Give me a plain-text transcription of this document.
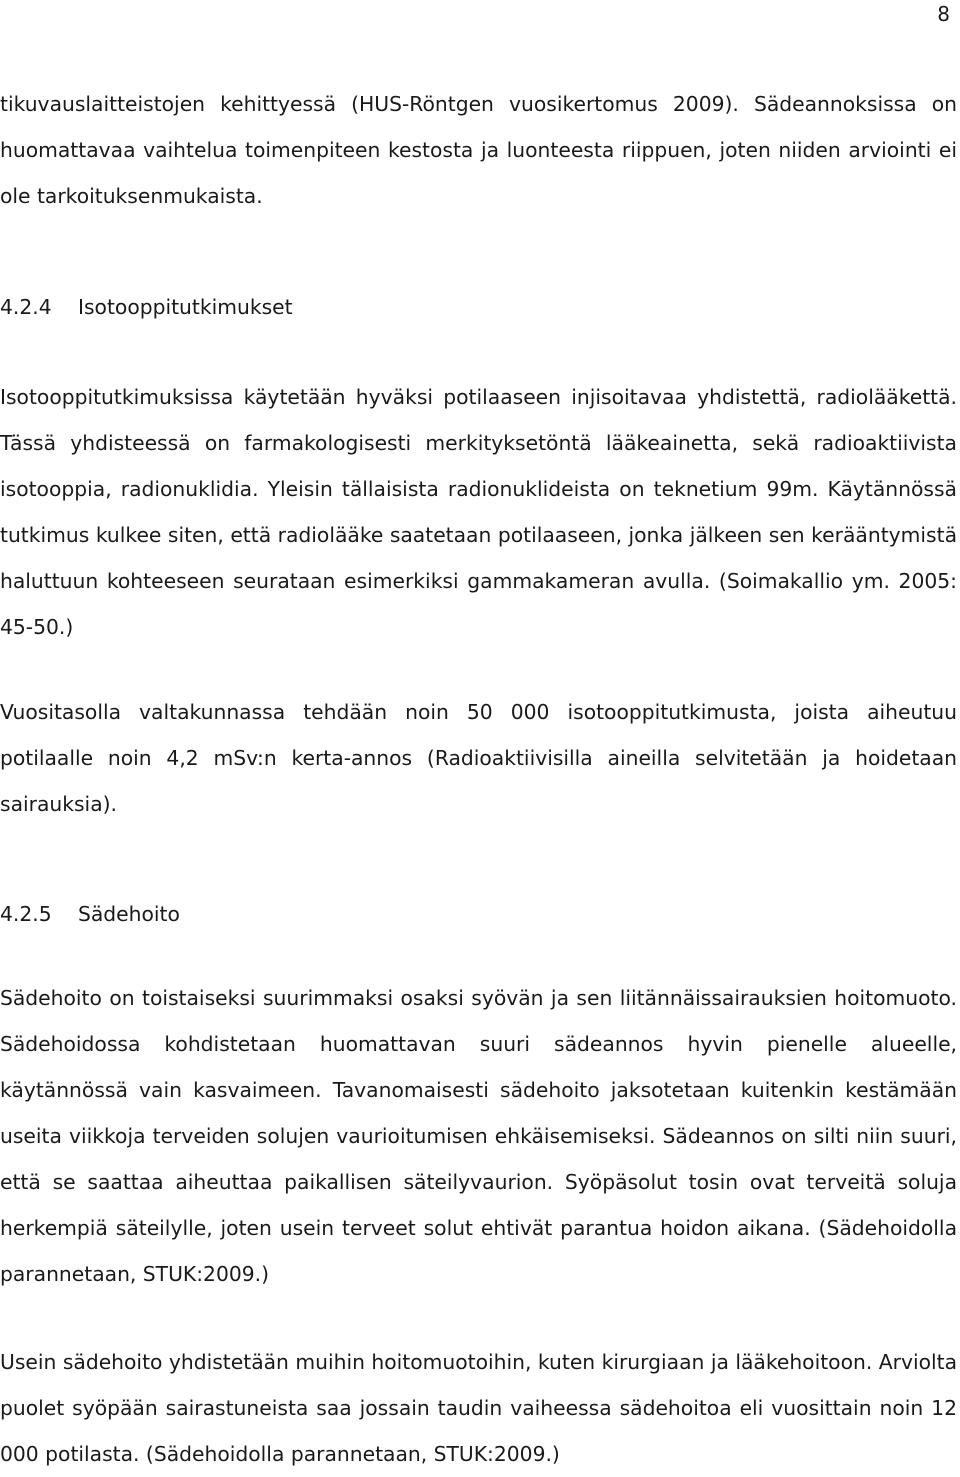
8

tikuvauslaitteistojen kehittyessä (HUS-Röntgen vuosikertomus 2009). Sädeannoksissa on huomattavaa vaihtelua toimenpiteen kestosta ja luonteesta riippuen, joten niiden arviointi ei ole tarkoituksenmukaista.

4.2.4 Isotooppitutkimukset

Isotooppitutkimuksissa käytetään hyväksi potilaaseen injisoitavaa yhdistettä, radiolääkettä. Tässä yhdisteessä on farmakologisesti merkityksetöntä lääkeainetta, sekä radioaktiivista isotooppia, radionuklidia. Yleisin tällaisista radionuklideista on teknetium 99m. Käytännössä tutkimus kulkee siten, että radiolääke saatetaan potilaaseen, jonka jälkeen sen kerääntymistä haluttuun kohteeseen seurataan esimerkiksi gammakameran avulla. (Soimakallio ym. 2005: 45-50.)

Vuositasolla valtakunnassa tehdään noin 50 000 isotooppitutkimusta, joista aiheutuu potilaalle noin 4,2 mSv:n kerta-annos (Radioaktiivisilla aineilla selvitetään ja hoidetaan sairauksia).

4.2.5 Sädehoito

Sädehoito on toistaiseksi suurimmaksi osaksi syövän ja sen liitännäissairauksien hoitomuoto. Sädehoidossa kohdistetaan huomattavan suuri sädeannos hyvin pienelle alueelle, käytännössä vain kasvaimeen. Tavanomaisesti sädehoito jaksotetaan kuitenkin kestämään useita viikkoja terveiden solujen vaurioitumisen ehkäisemiseksi. Sädeannos on silti niin suuri, että se saattaa aiheuttaa paikallisen säteilyvaurion. Syöpäsolut tosin ovat terveitä soluja herkempiä säteilylle, joten usein terveet solut ehtivät parantua hoidon aikana. (Sädehoidolla parannetaan, STUK:2009.)

Usein sädehoito yhdistetään muihin hoitomuotoihin, kuten kirurgiaan ja lääkehoitoon. Arviolta puolet syöpään sairastuneista saa jossain taudin vaiheessa sädehoitoa eli vuosittain noin 12 000 potilasta. (Sädehoidolla parannetaan, STUK:2009.)
